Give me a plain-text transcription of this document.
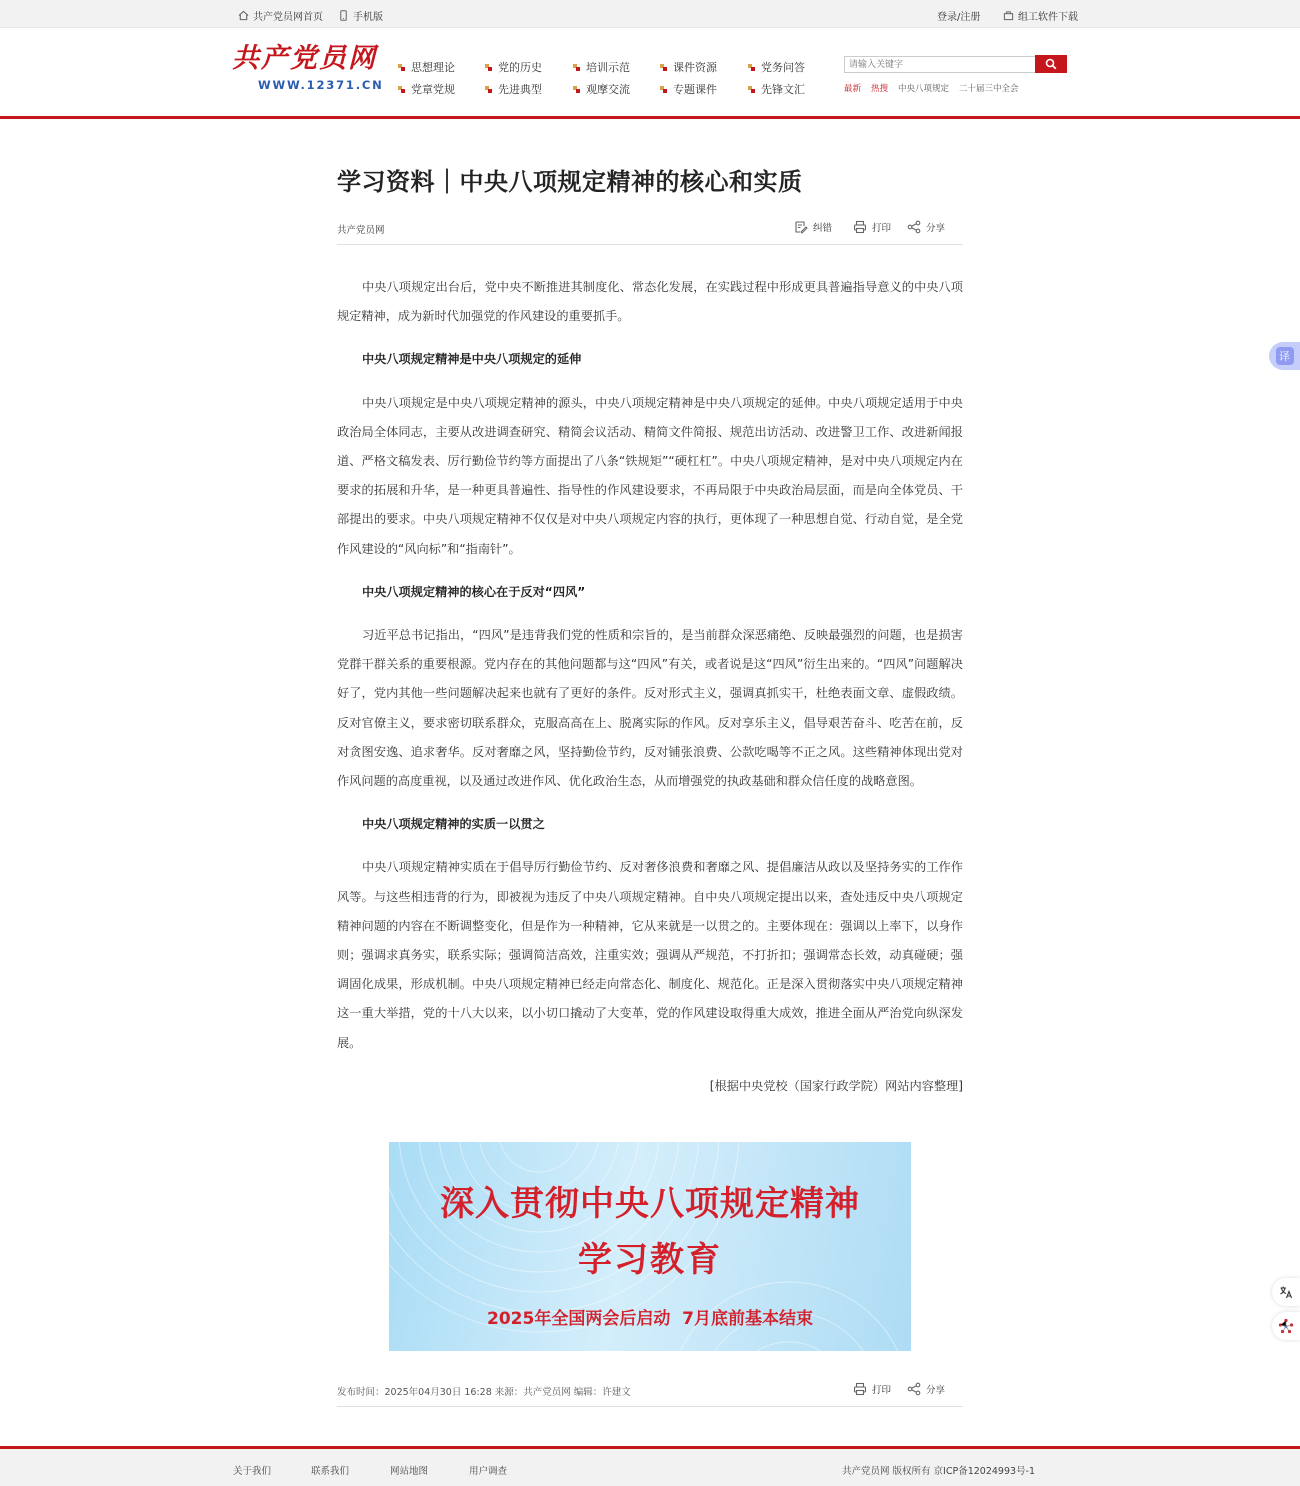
共产党员网首页	手机版	登录/注册	组工软件下载
共产党员网
WWW.12371.CN
思想理论	党的历史	培训示范	课件资源	党务问答
党章党规	先进典型	观摩交流	专题课件	先锋文汇
请输入关键字	最新 热搜 中央八项规定 二十届三中全会
学习资料｜中央八项规定精神的核心和实质
共产党员网	纠错	打印	分享

中央八项规定出台后，党中央不断推进其制度化、常态化发展，在实践过程中形成更具普遍指导意义的中央八项规定精神，成为新时代加强党的作风建设的重要抓手。

中央八项规定精神是中央八项规定的延伸

中央八项规定是中央八项规定精神的源头，中央八项规定精神是中央八项规定的延伸。中央八项规定适用于中央政治局全体同志，主要从改进调查研究、精简会议活动、精简文件简报、规范出访活动、改进警卫工作、改进新闻报道、严格文稿发表、厉行勤俭节约等方面提出了八条“铁规矩”“硬杠杠”。中央八项规定精神，是对中央八项规定内在要求的拓展和升华，是一种更具普遍性、指导性的作风建设要求，不再局限于中央政治局层面，而是向全体党员、干部提出的要求。中央八项规定精神不仅仅是对中央八项规定内容的执行，更体现了一种思想自觉、行动自觉，是全党作风建设的“风向标”和“指南针”。

中央八项规定精神的核心在于反对“四风”

习近平总书记指出，“四风”是违背我们党的性质和宗旨的，是当前群众深恶痛绝、反映最强烈的问题，也是损害党群干群关系的重要根源。党内存在的其他问题都与这“四风”有关，或者说是这“四风”衍生出来的。“四风”问题解决好了，党内其他一些问题解决起来也就有了更好的条件。反对形式主义，强调真抓实干，杜绝表面文章、虚假政绩。反对官僚主义，要求密切联系群众，克服高高在上、脱离实际的作风。反对享乐主义，倡导艰苦奋斗、吃苦在前，反对贪图安逸、追求奢华。反对奢靡之风，坚持勤俭节约，反对铺张浪费、公款吃喝等不正之风。这些精神体现出党对作风问题的高度重视，以及通过改进作风、优化政治生态，从而增强党的执政基础和群众信任度的战略意图。

中央八项规定精神的实质一以贯之

中央八项规定精神实质在于倡导厉行勤俭节约、反对奢侈浪费和奢靡之风、提倡廉洁从政以及坚持务实的工作作风等。与这些相违背的行为，即被视为违反了中央八项规定精神。自中央八项规定提出以来，查处违反中央八项规定精神问题的内容在不断调整变化，但是作为一种精神，它从来就是一以贯之的。主要体现在：强调以上率下，以身作则；强调求真务实，联系实际；强调简洁高效，注重实效；强调从严规范，不打折扣；强调常态长效，动真碰硬；强调固化成果，形成机制。中央八项规定精神已经走向常态化、制度化、规范化。正是深入贯彻落实中央八项规定精神这一重大举措，党的十八大以来，以小切口撬动了大变革，党的作风建设取得重大成效，推进全面从严治党向纵深发展。

[根据中央党校（国家行政学院）网站内容整理]

深入贯彻中央八项规定精神
学习教育
2025年全国两会后启动  7月底前基本结束
发布时间：2025年04月30日 16:28 来源：共产党员网 编辑：许建文	打印	分享
关于我们	联系我们	网站地图	用户调查	共产党员网 版权所有 京ICP备12024993号-1
译
